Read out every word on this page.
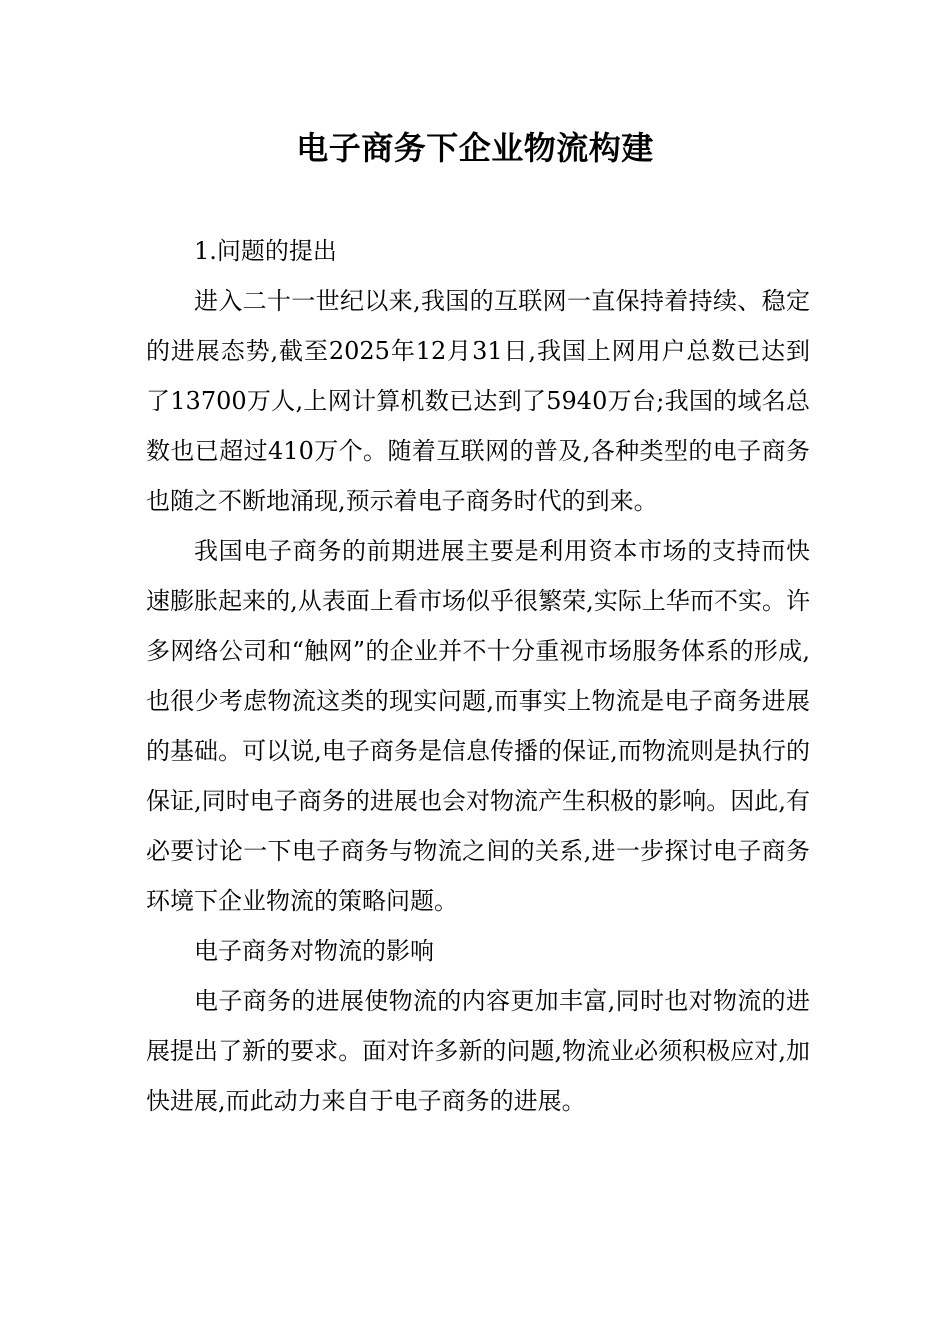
电子商务下企业物流构建

1.问题的提出

进入二十一世纪以来,我国的互联网一直保持着持续、稳定的进展态势,截至2025年12月31日,我国上网用户总数已达到了13700万人,上网计算机数已达到了5940万台;我国的域名总数也已超过410万个。随着互联网的普及,各种类型的电子商务也随之不断地涌现,预示着电子商务时代的到来。

我国电子商务的前期进展主要是利用资本市场的支持而快速膨胀起来的,从表面上看市场似乎很繁荣,实际上华而不实。许多网络公司和“触网”的企业并不十分重视市场服务体系的形成,也很少考虑物流这类的现实问题,而事实上物流是电子商务进展的基础。可以说,电子商务是信息传播的保证,而物流则是执行的保证,同时电子商务的进展也会对物流产生积极的影响。因此,有必要讨论一下电子商务与物流之间的关系,进一步探讨电子商务环境下企业物流的策略问题。

电子商务对物流的影响

电子商务的进展使物流的内容更加丰富,同时也对物流的进展提出了新的要求。面对许多新的问题,物流业必须积极应对,加快进展,而此动力来自于电子商务的进展。
